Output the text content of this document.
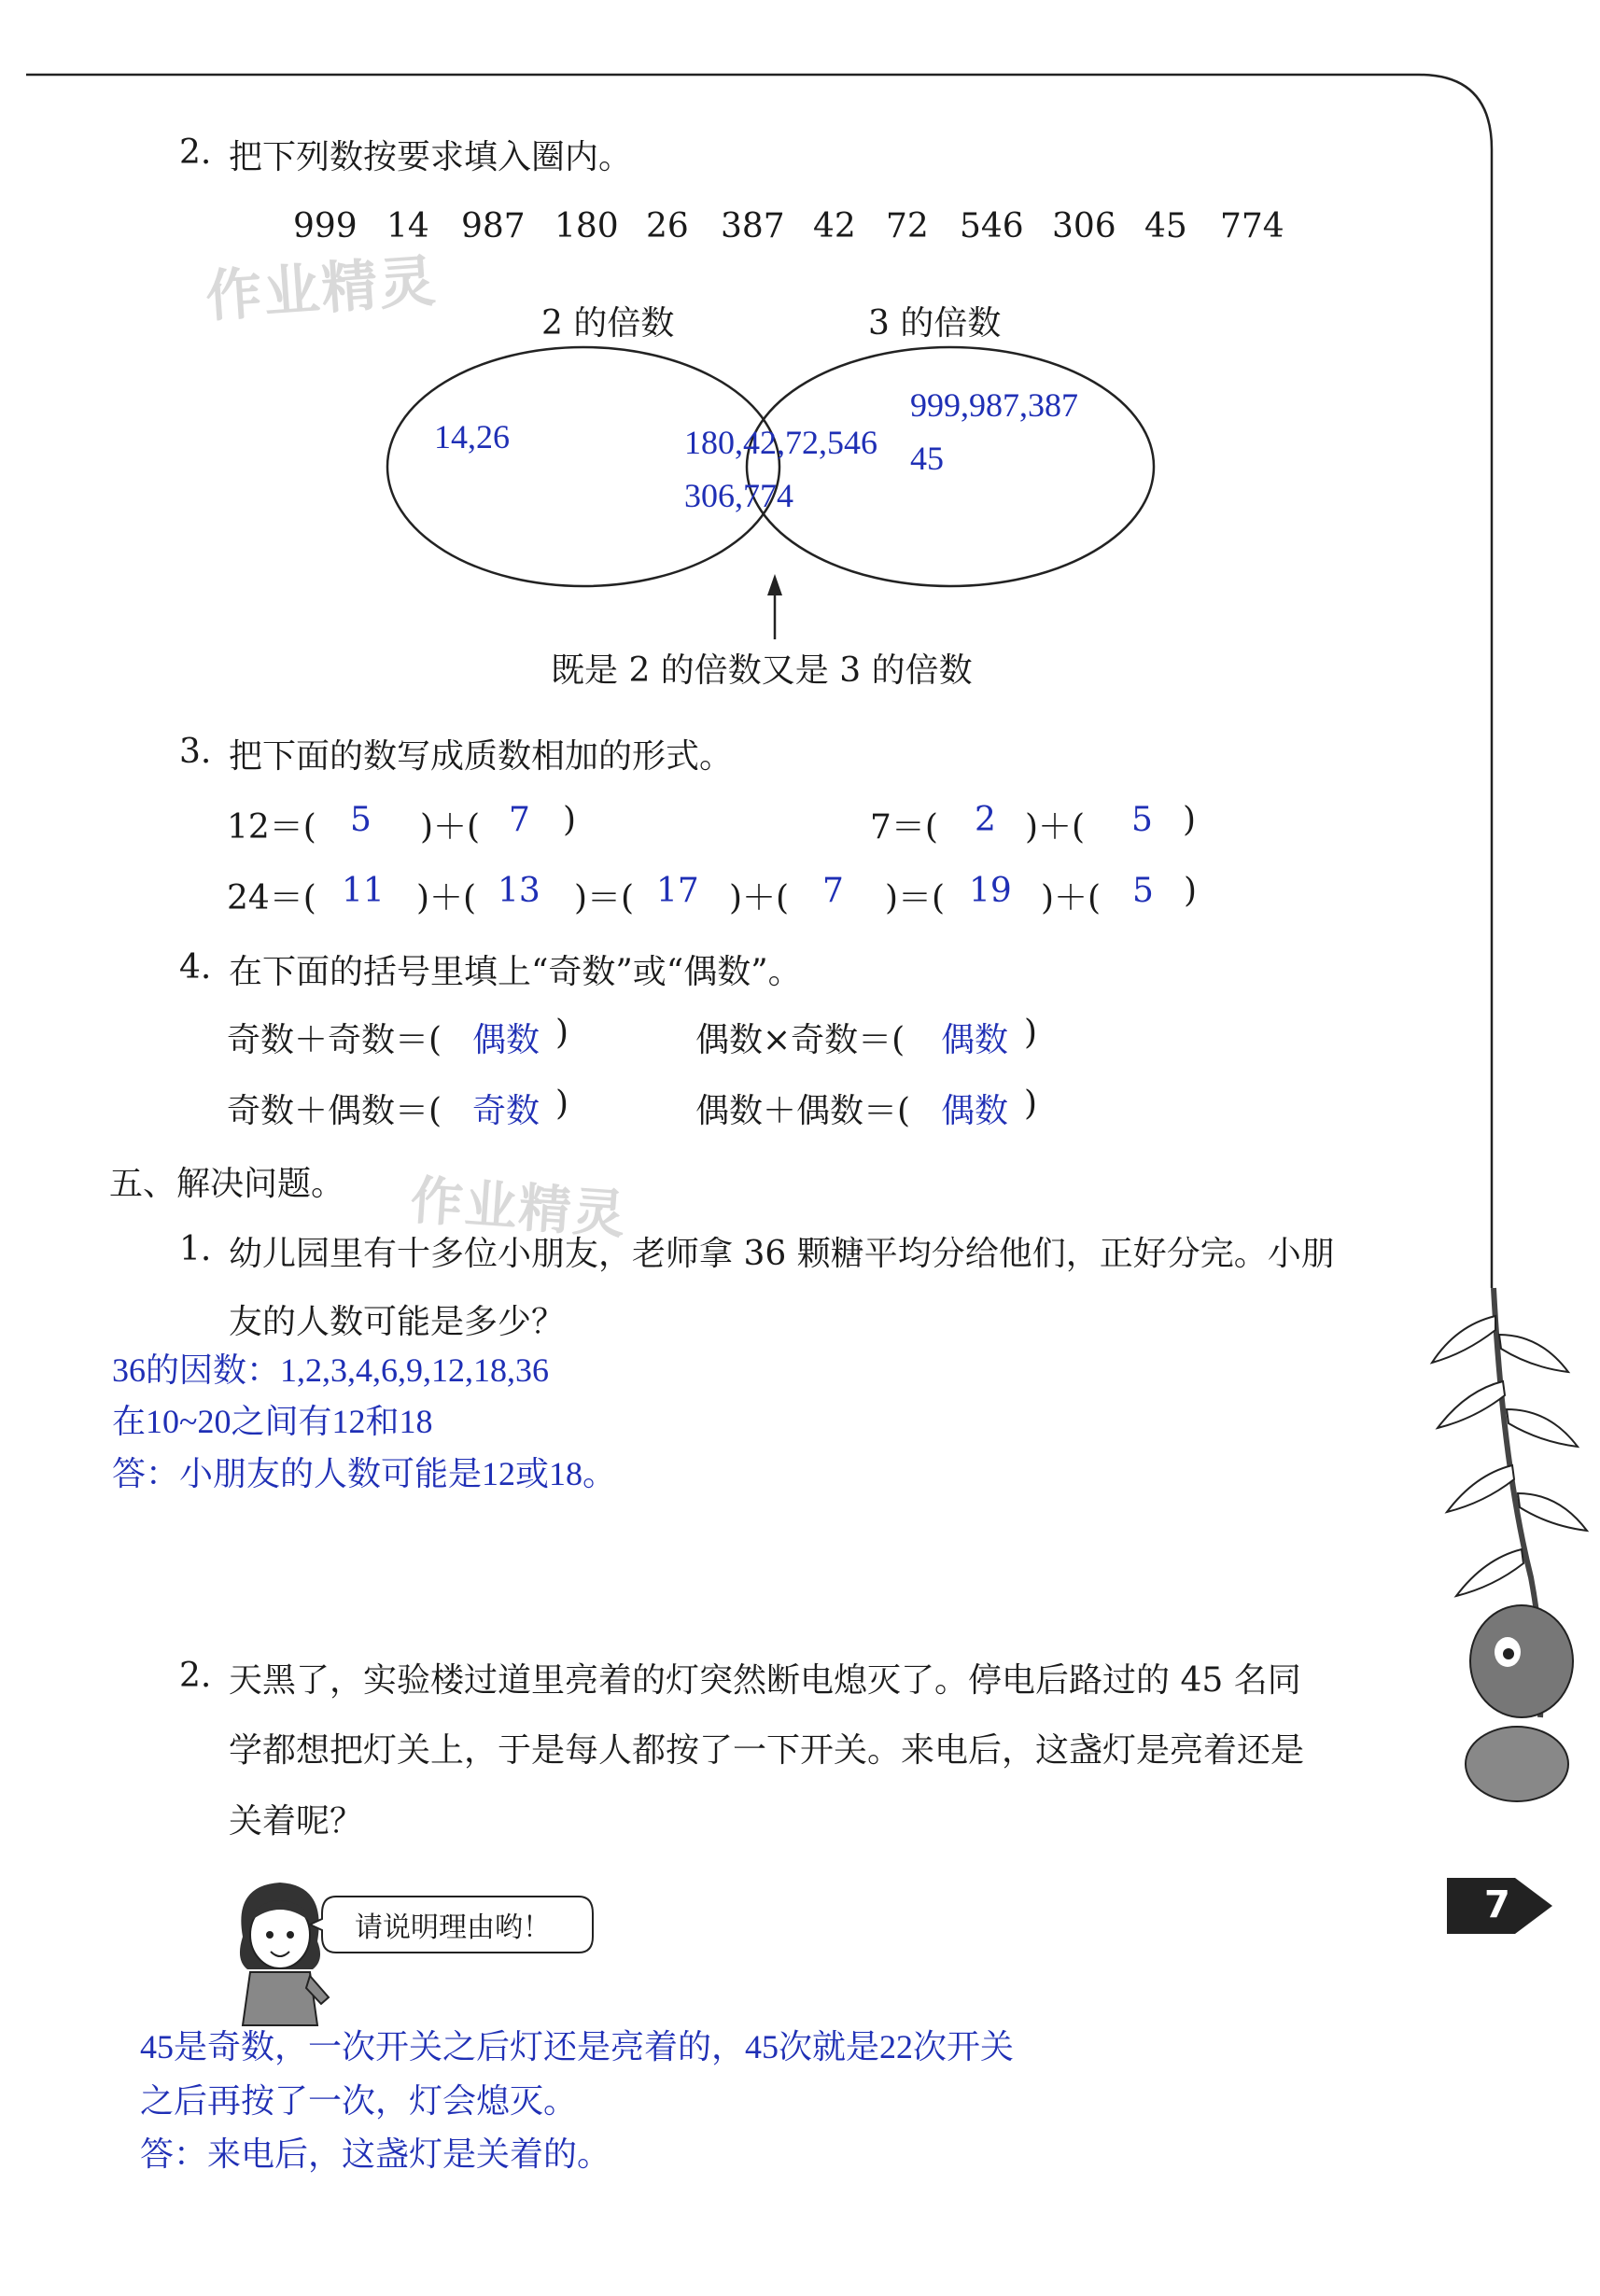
作业精灵
作业精灵
2. 把下列数按要求填入圈内。
999 14 987 180 26 387 42 72 546 306 45 774
2 的倍数	3 的倍数
14,26	180,42,72,546
306,774
999,987,387
45
既是 2 的倍数又是 3 的倍数
3. 把下面的数写成质数相加的形式。
12＝( 5 )＋( 7 )	7＝( 2 )＋( 5 )
24＝( 11 )＋( 13 )＝( 17 )＋( 7 )＝( 19 )＋( 5 )
4. 在下面的括号里填上“奇数”或“偶数”。
奇数＋奇数＝( 偶数 )	偶数×奇数＝( 偶数 )
奇数＋偶数＝( 奇数 )	偶数＋偶数＝( 偶数 )
五、解决问题。
1. 幼儿园里有十多位小朋友，老师拿 36 颗糖平均分给他们，正好分完。小朋
友的人数可能是多少？
36的因数：1,2,3,4,6,9,12,18,36
在10~20之间有12和18
答：小朋友的人数可能是12或18。
2. 天黑了，实验楼过道里亮着的灯突然断电熄灭了。停电后路过的 45 名同
学都想把灯关上，于是每人都按了一下开关。来电后，这盏灯是亮着还是
关着呢？
请说明理由哟！
45是奇数，一次开关之后灯还是亮着的，45次就是22次开关
之后再按了一次，灯会熄灭。
答：来电后，这盏灯是关着的。
7
